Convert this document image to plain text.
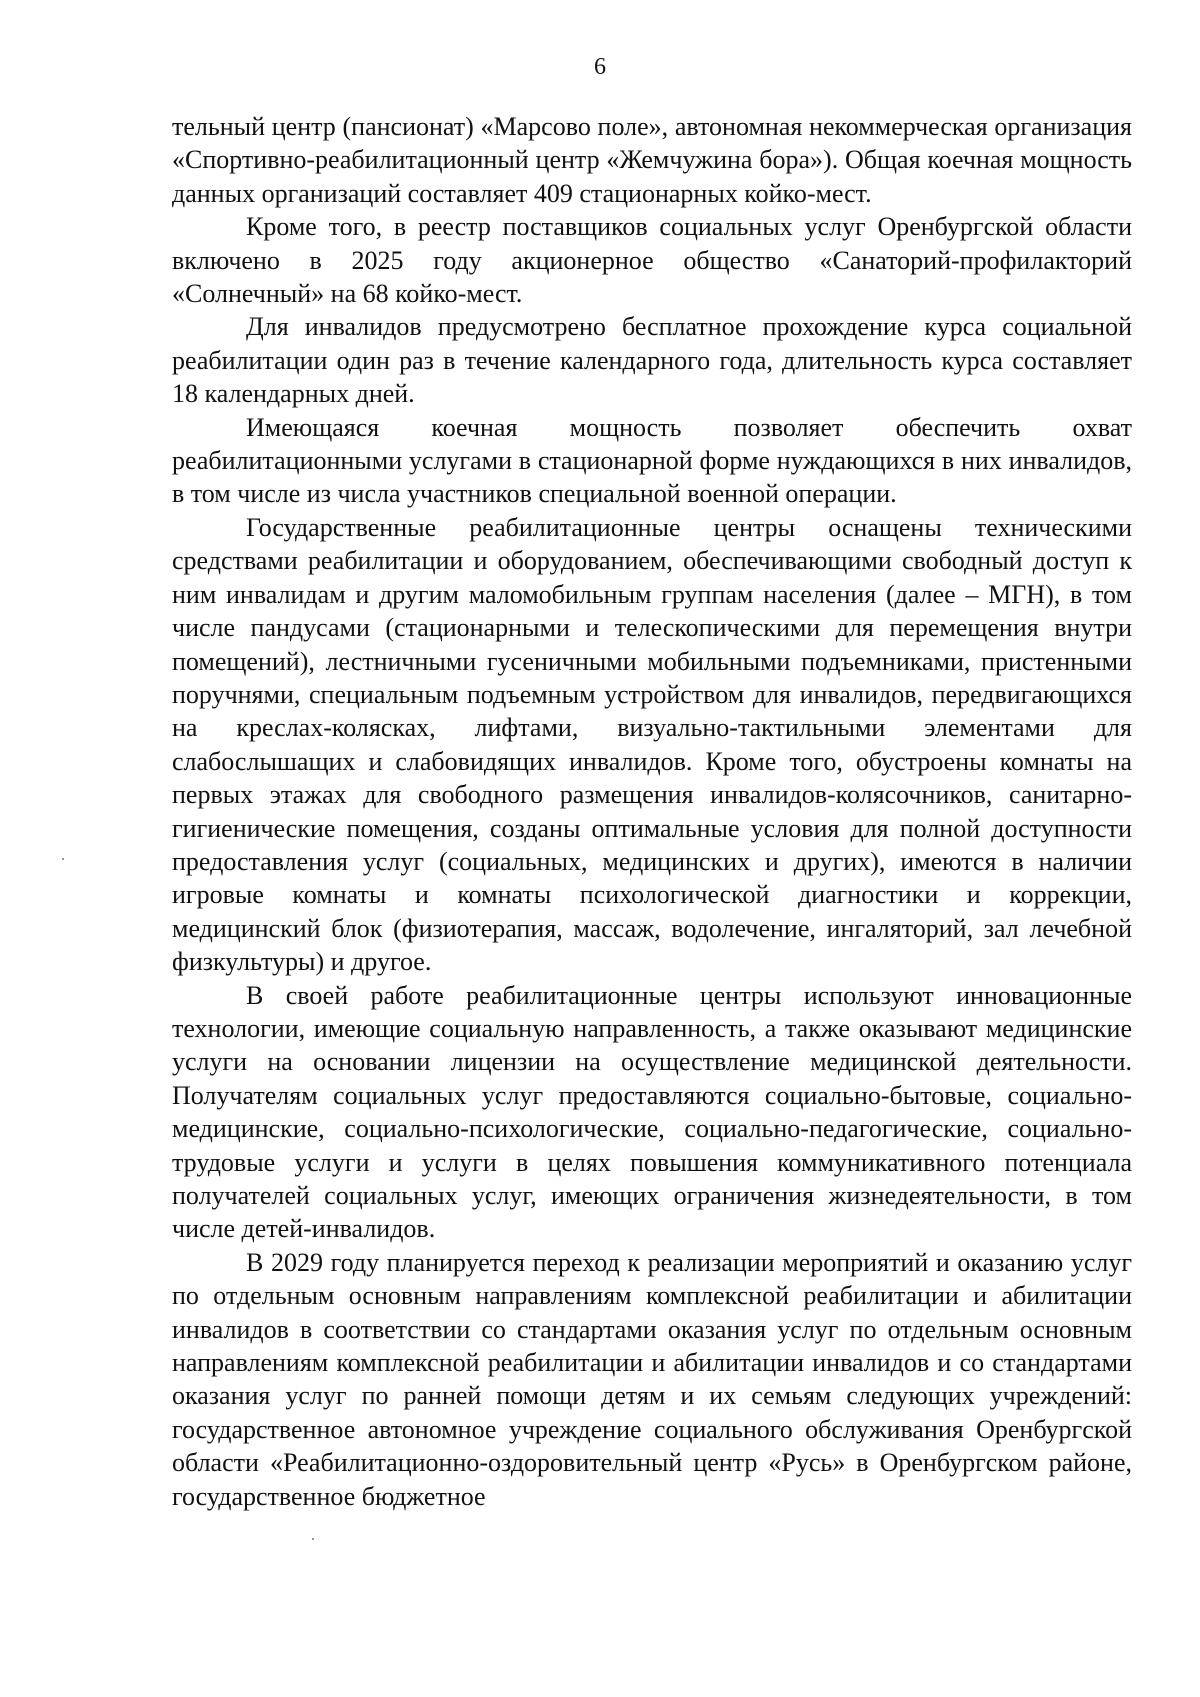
6

тельный центр (пансионат) «Марсово поле», автономная некоммерческая организация «Спортивно-реабилитационный центр «Жемчужина бора»). Общая коечная мощность данных организаций составляет 409 стационарных койко-мест.

Кроме того, в реестр поставщиков социальных услуг Оренбургской области включено в 2025 году акционерное общество «Санаторий-профилакторий «Солнечный» на 68 койко-мест.

Для инвалидов предусмотрено бесплатное прохождение курса социальной реабилитации один раз в течение календарного года, длительность курса составляет 18 календарных дней.

Имеющаяся коечная мощность позволяет обеспечить охват реабилитационными услугами в стационарной форме нуждающихся в них инвалидов, в том числе из числа участников специальной военной операции.

Государственные реабилитационные центры оснащены техническими средствами реабилитации и оборудованием, обеспечивающими свободный доступ к ним инвалидам и другим маломобильным группам населения (далее – МГН), в том числе пандусами (стационарными и телескопическими для перемещения внутри помещений), лестничными гусеничными мобильными подъемниками, пристенными поручнями, специальным подъемным устройством для инвалидов, передвигающихся на креслах-колясках, лифтами, визуально-тактильными элементами для слабослышащих и слабовидящих инвалидов. Кроме того, обустроены комнаты на первых этажах для свободного размещения инвалидов-колясочников, санитарно-гигиенические помещения, созданы оптимальные условия для полной доступности предоставления услуг (социальных, медицинских и других), имеются в наличии игровые комнаты и комнаты психологической диагностики и коррекции, медицинский блок (физиотерапия, массаж, водолечение, ингаляторий, зал лечебной физкультуры) и другое.

В своей работе реабилитационные центры используют инновационные технологии, имеющие социальную направленность, а также оказывают медицинские услуги на основании лицензии на осуществление медицинской деятельности. Получателям социальных услуг предоставляются социально-бытовые, социально-медицинские, социально-психологические, социально-педагогические, социально-трудовые услуги и услуги в целях повышения коммуникативного потенциала получателей социальных услуг, имеющих ограничения жизнедеятельности, в том числе детей-инвалидов.

В 2029 году планируется переход к реализации мероприятий и оказанию услуг по отдельным основным направлениям комплексной реабилитации и абилитации инвалидов в соответствии со стандартами оказания услуг по отдельным основным направлениям комплексной реабилитации и абилитации инвалидов и со стандартами оказания услуг по ранней помощи детям и их семьям следующих учреждений: государственное автономное учреждение социального обслуживания Оренбургской области «Реабилитационно-оздоровительный центр «Русь» в Оренбургском районе, государственное бюджетное
